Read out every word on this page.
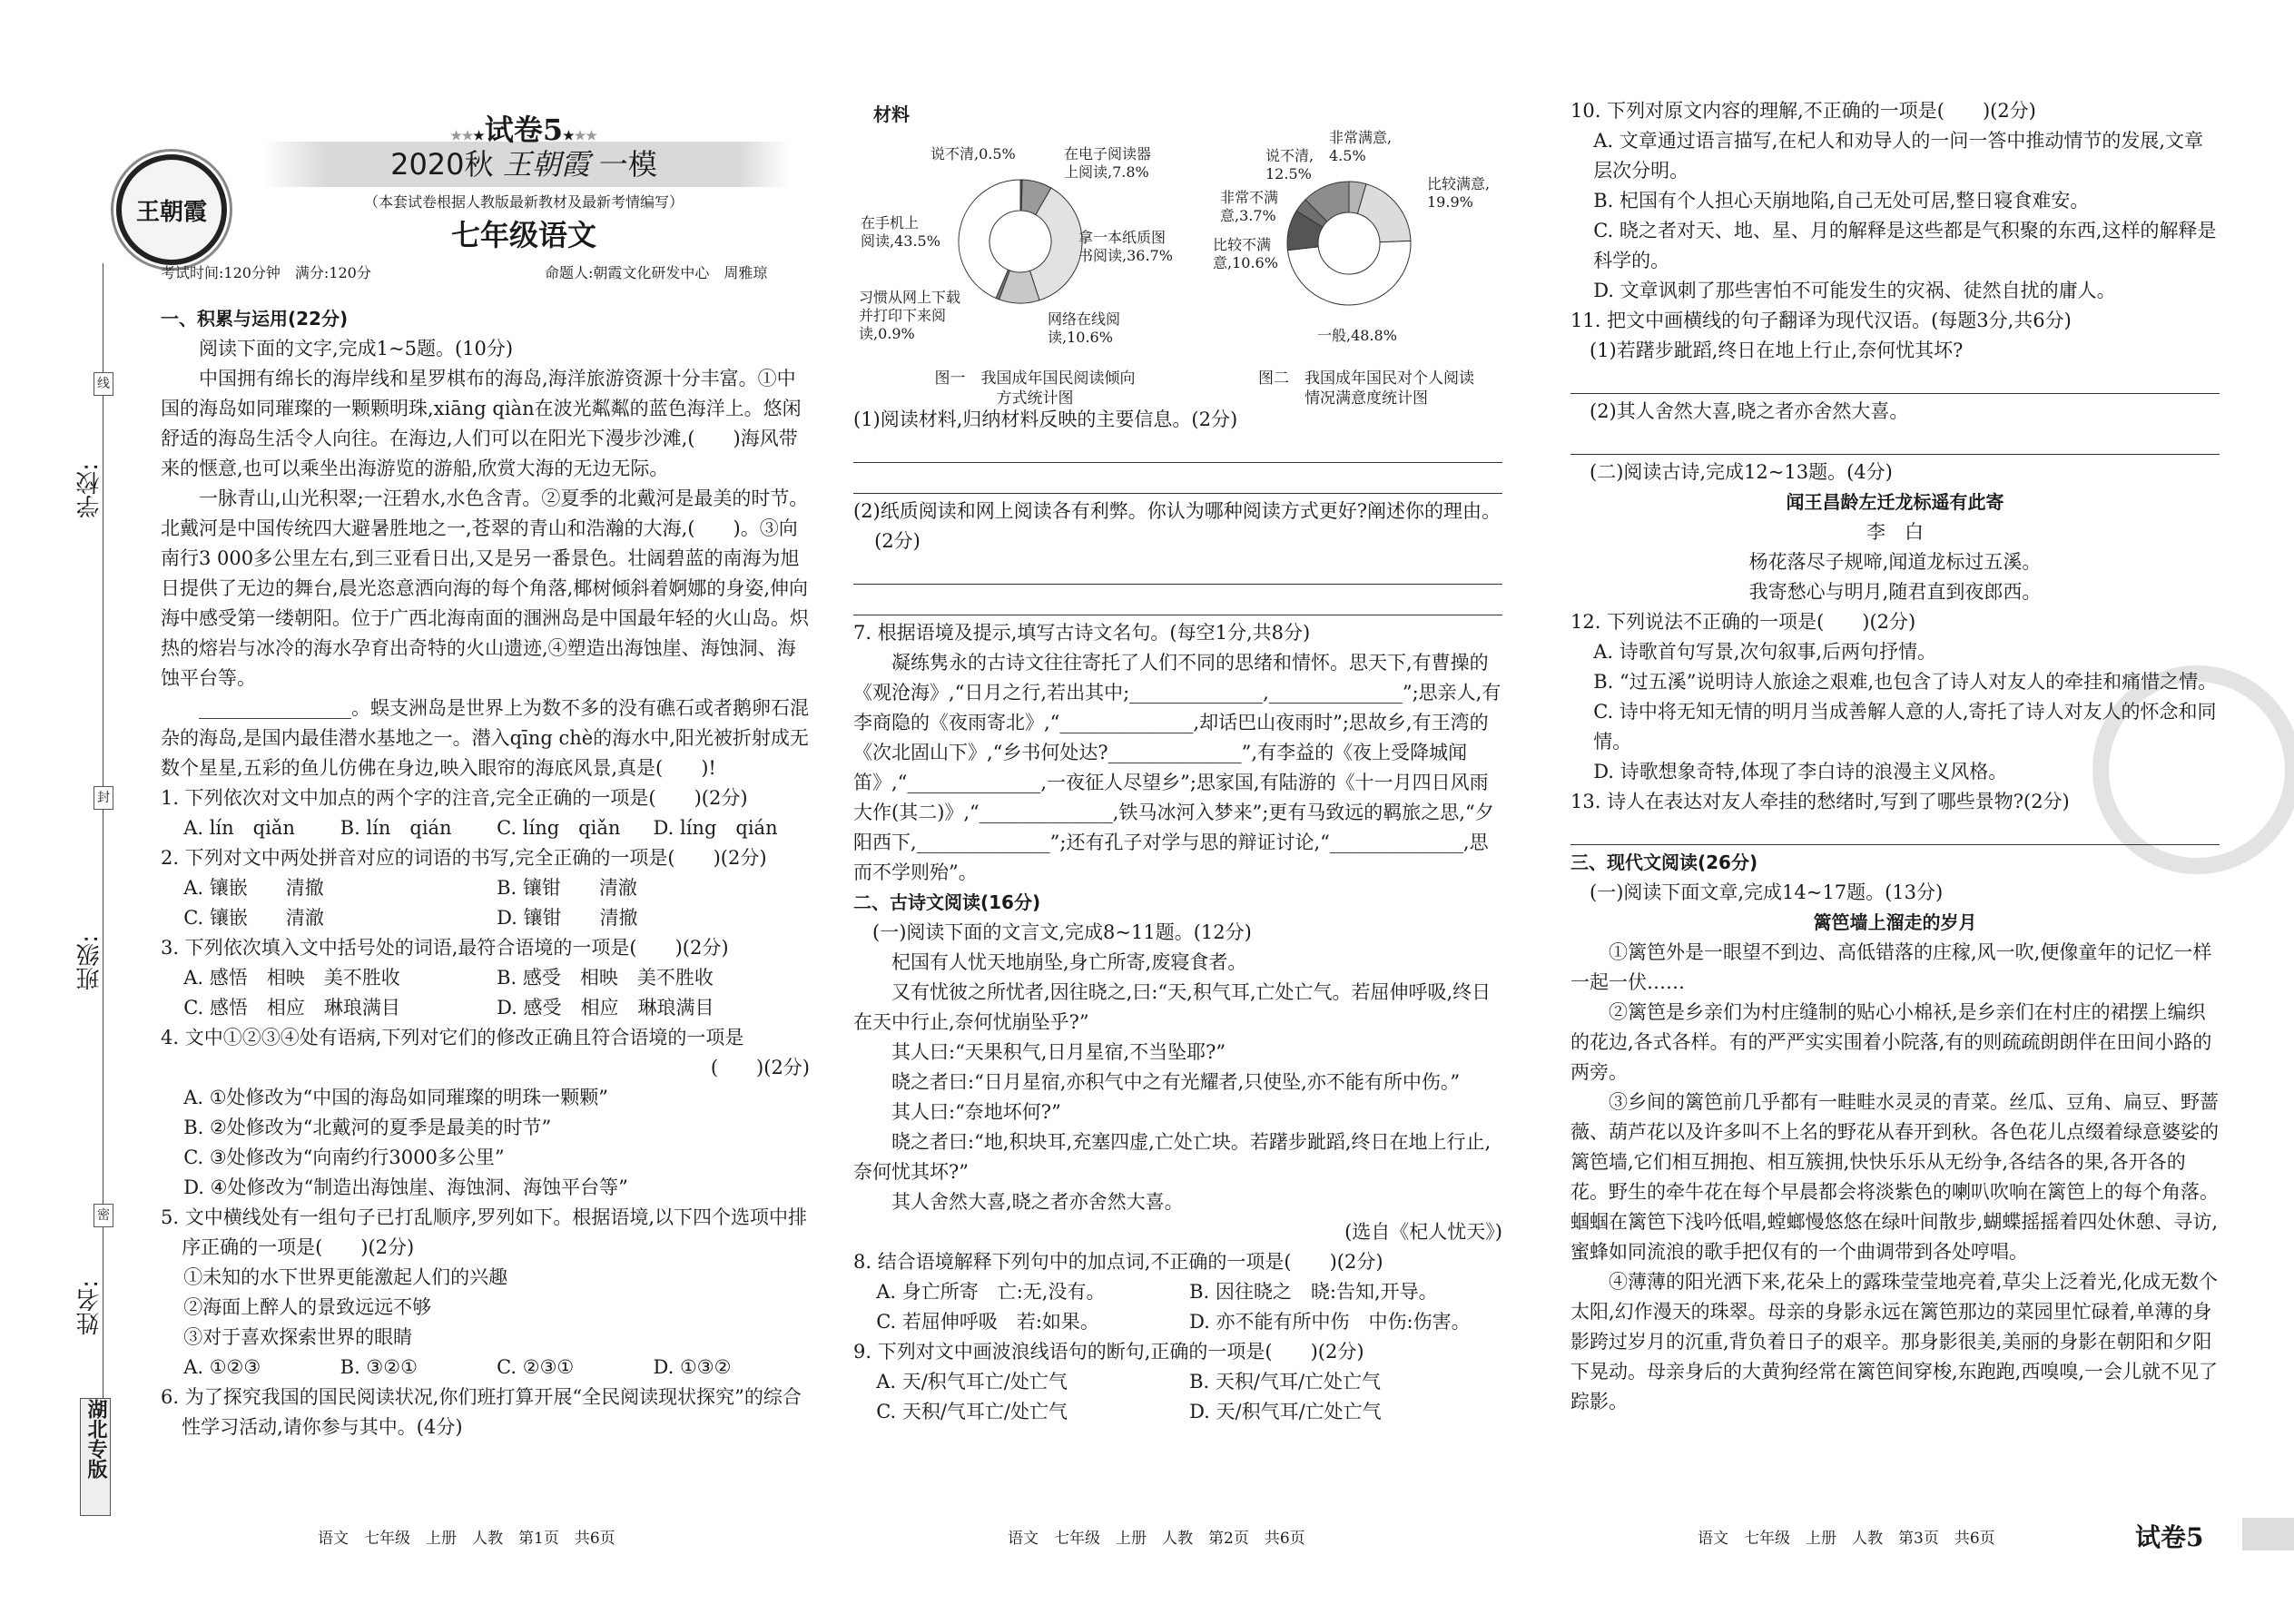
线
封
密
学校:
班级:
姓名:
湖北专版
王朝霞
★★★试卷5★★★
2020秋 王朝霞 一模
（本套试卷根据人教版最新教材及最新考情编写）
七年级语文
考试时间:120分钟　满分:120分	命题人:朝霞文化研发中心　周雅琼
一、积累与运用(22分)
阅读下面的文字,完成1~5题。(10分)
中国拥有绵长的海岸线和星罗棋布的海岛,海洋旅游资源十分丰富。①中国的海岛如同璀璨的一颗颗明珠,xiāng qiàn在波光粼粼的蓝色海洋上。悠闲舒适的海岛生活令人向往。在海边,人们可以在阳光下漫步沙滩,(　　)海风带来的惬意,也可以乘坐出海游览的游船,欣赏大海的无边无际。
一脉青山,山光积翠;一汪碧水,水色含青。②夏季的北戴河是最美的时节。北戴河是中国传统四大避暑胜地之一,苍翠的青山和浩瀚的大海,(　　)。③向南行3 000多公里左右,到三亚看日出,又是另一番景色。壮阔碧蓝的南海为旭日提供了无边的舞台,晨光恣意洒向海的每个角落,椰树倾斜着婀娜的身姿,伸向海中感受第一缕朝阳。位于广西北海南面的涠洲岛是中国最年轻的火山岛。炽热的熔岩与冰冷的海水孕育出奇特的火山遗迹,④塑造出海蚀崖、海蚀洞、海蚀平台等。
________________。蜈支洲岛是世界上为数不多的没有礁石或者鹅卵石混杂的海岛,是国内最佳潜水基地之一。潜入qīng chè的海水中,阳光被折射成无数个星星,五彩的鱼儿仿佛在身边,映入眼帘的海底风景,真是(　　)!
1. 下列依次对文中加点的两个字的注音,完全正确的一项是(　　)(2分)
A. lín　qiǎn	B. lín　qián	C. líng　qiǎn	D. líng　qián
2. 下列对文中两处拼音对应的词语的书写,完全正确的一项是(　　)(2分)
A. 镶嵌　　清撤	B. 镶钳　　清澈
C. 镶嵌　　清澈	D. 镶钳　　清撤
3. 下列依次填入文中括号处的词语,最符合语境的一项是(　　)(2分)
A. 感悟　相映　美不胜收	B. 感受　相映　美不胜收
C. 感悟　相应　琳琅满目	D. 感受　相应　琳琅满目
4. 文中①②③④处有语病,下列对它们的修改正确且符合语境的一项是
(　　)(2分)
A. ①处修改为“中国的海岛如同璀璨的明珠一颗颗”
B. ②处修改为“北戴河的夏季是最美的时节”
C. ③处修改为“向南约行3000多公里”
D. ④处修改为“制造出海蚀崖、海蚀洞、海蚀平台等”
5. 文中横线处有一组句子已打乱顺序,罗列如下。根据语境,以下四个选项中排序正确的一项是(　　)(2分)
①未知的水下世界更能激起人们的兴趣
②海面上醉人的景致远远不够
③对于喜欢探索世界的眼睛
A. ①②③	B. ③②①	C. ②③①	D. ①③②
6. 为了探究我国的国民阅读状况,你们班打算开展“全民阅读现状探究”的综合性学习活动,请你参与其中。(4分)
材料
说不清,0.5%	在电子阅读器
上阅读,7.8%
拿一本纸质图
书阅读,36.7%
网络在线阅
读,10.6%
习惯从网上下载
并打印下来阅
读,0.9%
在手机上
阅读,43.5%
图一　我国成年国民阅读倾向
方式统计图
非常满意,
4.5%
比较满意,
19.9%
一般,48.8%
比较不满
意,10.6%
非常不满
意,3.7%
说不清,
12.5%
图二　我国成年国民对个人阅读
情况满意度统计图
(1)阅读材料,归纳材料反映的主要信息。(2分)
(2)纸质阅读和网上阅读各有利弊。你认为哪种阅读方式更好?阐述你的理由。(2分)
7. 根据语境及提示,填写古诗文名句。(每空1分,共8分)
凝练隽永的古诗文往往寄托了人们不同的思绪和情怀。思天下,有曹操的《观沧海》,“日月之行,若出其中;______________,______________”;思亲人,有李商隐的《夜雨寄北》,“______________,却话巴山夜雨时”;思故乡,有王湾的《次北固山下》,“乡书何处达?______________”,有李益的《夜上受降城闻笛》,“______________,一夜征人尽望乡”;思家国,有陆游的《十一月四日风雨大作(其二)》,“______________,铁马冰河入梦来”;更有马致远的羁旅之思,“夕阳西下,______________”;还有孔子对学与思的辩证讨论,“______________,思而不学则殆”。
二、古诗文阅读(16分)
(一)阅读下面的文言文,完成8~11题。(12分)
杞国有人忧天地崩坠,身亡所寄,废寝食者。
又有忧彼之所忧者,因往晓之,曰:“天,积气耳,亡处亡气。若屈伸呼吸,终日在天中行止,奈何忧崩坠乎?”
其人曰:“天果积气,日月星宿,不当坠耶?”
晓之者曰:“日月星宿,亦积气中之有光耀者,只使坠,亦不能有所中伤。”
其人曰:“奈地坏何?”
晓之者曰:“地,积块耳,充塞四虚,亡处亡块。若躇步跐蹈,终日在地上行止,奈何忧其坏?”
其人舍然大喜,晓之者亦舍然大喜。
(选自《杞人忧天》)
8. 结合语境解释下列句中的加点词,不正确的一项是(　　)(2分)
A. 身亡所寄　亡:无,没有。	B. 因往晓之　晓:告知,开导。
C. 若屈伸呼吸　若:如果。	D. 亦不能有所中伤　中伤:伤害。
9. 下列对文中画波浪线语句的断句,正确的一项是(　　)(2分)
A. 天/积气耳亡/处亡气	B. 天积/气耳/亡处亡气
C. 天积/气耳亡/处亡气	D. 天/积气耳/亡处亡气
10. 下列对原文内容的理解,不正确的一项是(　　)(2分)
A. 文章通过语言描写,在杞人和劝导人的一问一答中推动情节的发展,文章层次分明。
B. 杞国有个人担心天崩地陷,自己无处可居,整日寝食难安。
C. 晓之者对天、地、星、月的解释是这些都是气积聚的东西,这样的解释是科学的。
D. 文章讽刺了那些害怕不可能发生的灾祸、徒然自扰的庸人。
11. 把文中画横线的句子翻译为现代汉语。(每题3分,共6分)
(1)若躇步跐蹈,终日在地上行止,奈何忧其坏?
(2)其人舍然大喜,晓之者亦舍然大喜。
(二)阅读古诗,完成12~13题。(4分)
闻王昌龄左迁龙标遥有此寄
李　白
杨花落尽子规啼,闻道龙标过五溪。
我寄愁心与明月,随君直到夜郎西。
12. 下列说法不正确的一项是(　　)(2分)
A. 诗歌首句写景,次句叙事,后两句抒情。
B. “过五溪”说明诗人旅途之艰难,也包含了诗人对友人的牵挂和痛惜之情。
C. 诗中将无知无情的明月当成善解人意的人,寄托了诗人对友人的怀念和同情。
D. 诗歌想象奇特,体现了李白诗的浪漫主义风格。
13. 诗人在表达对友人牵挂的愁绪时,写到了哪些景物?(2分)
三、现代文阅读(26分)
(一)阅读下面文章,完成14~17题。(13分)
篱笆墙上溜走的岁月
①篱笆外是一眼望不到边、高低错落的庄稼,风一吹,便像童年的记忆一样一起一伏……
②篱笆是乡亲们为村庄缝制的贴心小棉袄,是乡亲们在村庄的裙摆上编织的花边,各式各样。有的严严实实围着小院落,有的则疏疏朗朗伴在田间小路的两旁。
③乡间的篱笆前几乎都有一畦畦水灵灵的青菜。丝瓜、豆角、扁豆、野蔷薇、葫芦花以及许多叫不上名的野花从春开到秋。各色花儿点缀着绿意婆娑的篱笆墙,它们相互拥抱、相互簇拥,快快乐乐从无纷争,各结各的果,各开各的花。野生的牵牛花在每个早晨都会将淡紫色的喇叭吹响在篱笆上的每个角落。蝈蝈在篱笆下浅吟低唱,螳螂慢悠悠在绿叶间散步,蝴蝶摇摇着四处休憩、寻访,蜜蜂如同流浪的歌手把仅有的一个曲调带到各处哼唱。
④薄薄的阳光洒下来,花朵上的露珠莹莹地亮着,草尖上泛着光,化成无数个太阳,幻作漫天的珠翠。母亲的身影永远在篱笆那边的菜园里忙碌着,单薄的身影跨过岁月的沉重,背负着日子的艰辛。那身影很美,美丽的身影在朝阳和夕阳下晃动。母亲身后的大黄狗经常在篱笆间穿梭,东跑跑,西嗅嗅,一会儿就不见了踪影。
语文　七年级　上册　人教　第1页　共6页	语文　七年级　上册　人教　第2页　共6页	语文　七年级　上册　人教　第3页　共6页	试卷5
